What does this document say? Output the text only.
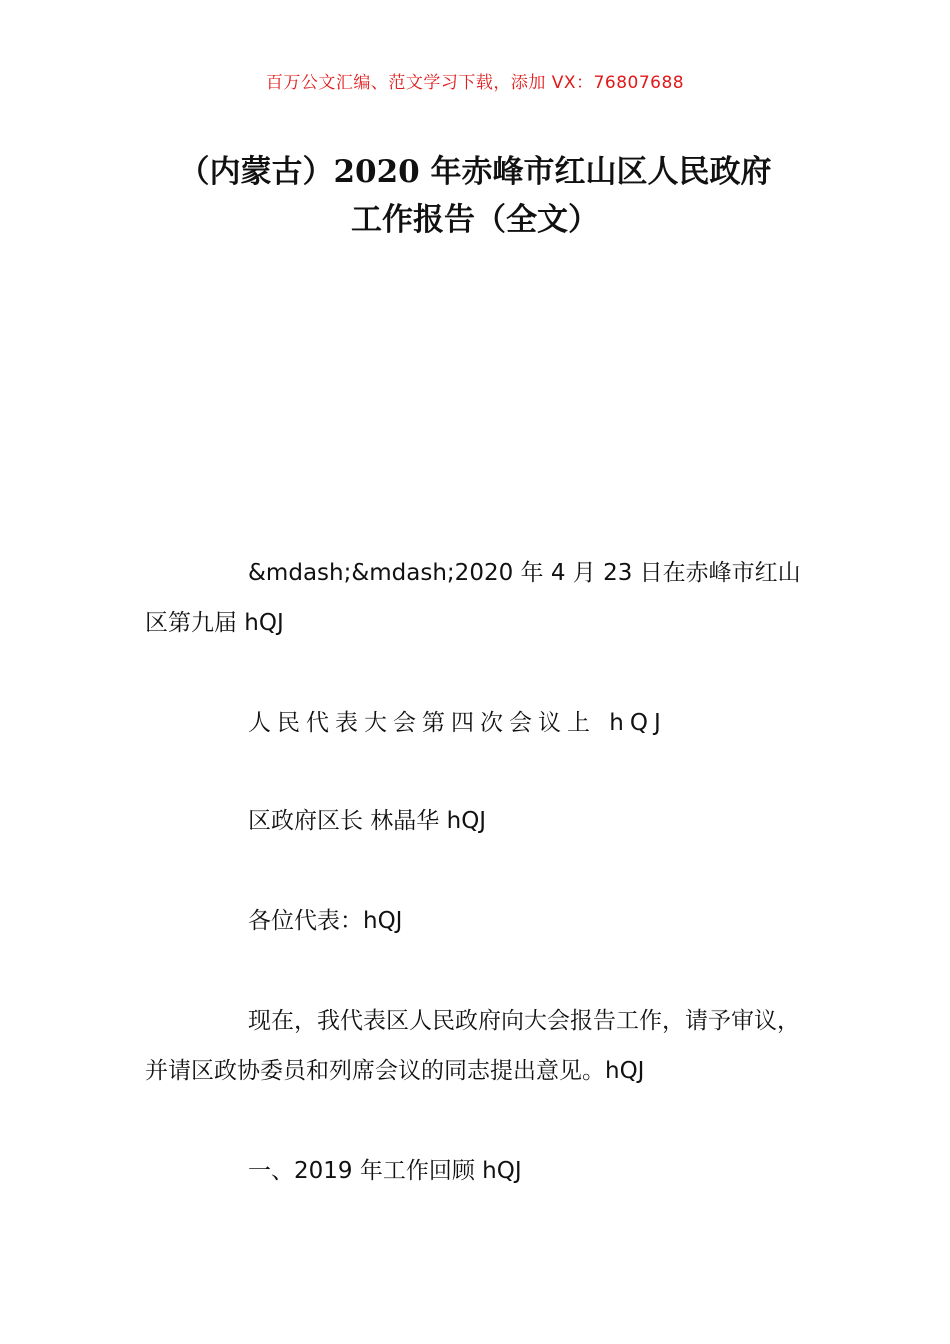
百万公文汇编、范文学习下载，添加 VX：76807688
（内蒙古）2020 年赤峰市红山区人民政府
工作报告（全文）

&mdash;&mdash;2020 年 4 月 23 日在赤峰市红山区第九届 hQJ

人民代表大会第四次会议上 hQJ

区政府区长 林晶华 hQJ

各位代表：hQJ

现在，我代表区人民政府向大会报告工作，请予审议，并请区政协委员和列席会议的同志提出意见。hQJ

一、2019 年工作回顾 hQJ
